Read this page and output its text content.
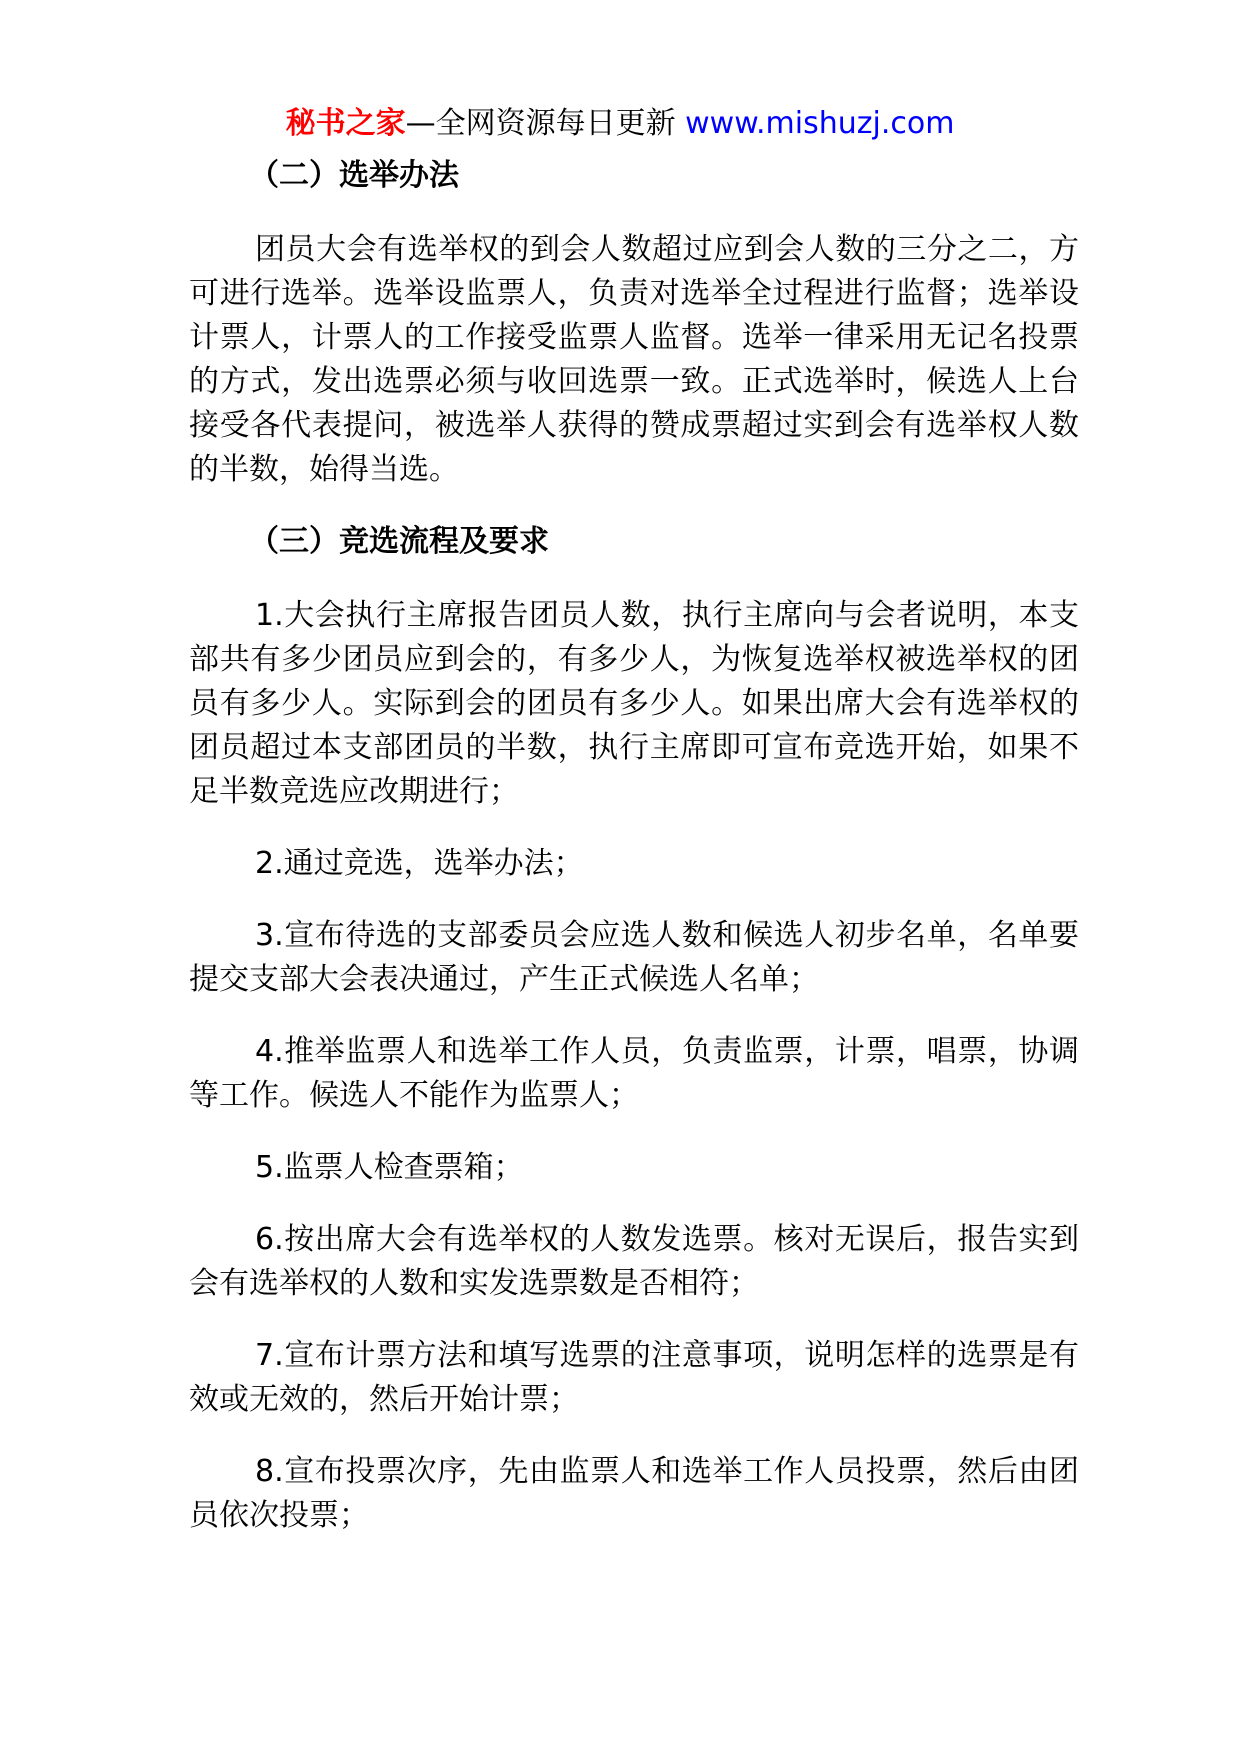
秘书之家—全网资源每日更新 www.mishuzj.com
（二）选举办法

团员大会有选举权的到会人数超过应到会人数的三分之二，方可进行选举。选举设监票人，负责对选举全过程进行监督；选举设计票人，计票人的工作接受监票人监督。选举一律采用无记名投票的方式，发出选票必须与收回选票一致。正式选举时，候选人上台接受各代表提问，被选举人获得的赞成票超过实到会有选举权人数的半数，始得当选。

（三）竞选流程及要求

1.大会执行主席报告团员人数，执行主席向与会者说明，本支部共有多少团员应到会的，有多少人，为恢复选举权被选举权的团员有多少人。实际到会的团员有多少人。如果出席大会有选举权的团员超过本支部团员的半数，执行主席即可宣布竞选开始，如果不足半数竞选应改期进行；

2.通过竞选，选举办法；

3.宣布待选的支部委员会应选人数和候选人初步名单，名单要提交支部大会表决通过，产生正式候选人名单；

4.推举监票人和选举工作人员，负责监票，计票，唱票，协调等工作。候选人不能作为监票人；

5.监票人检查票箱；

6.按出席大会有选举权的人数发选票。核对无误后，报告实到会有选举权的人数和实发选票数是否相符；

7.宣布计票方法和填写选票的注意事项，说明怎样的选票是有效或无效的，然后开始计票；

8.宣布投票次序，先由监票人和选举工作人员投票，然后由团员依次投票；
